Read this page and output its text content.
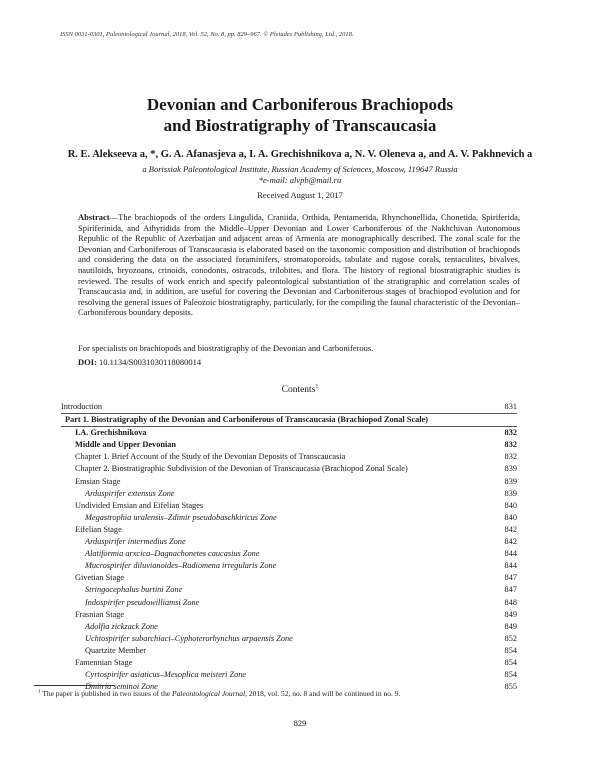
ISSN 0031-0301, Paleontological Journal, 2018, Vol. 52, No. 8, pp. 829–967. © Pleiades Publishing, Ltd., 2018.
Devonian and Carboniferous Brachiopods
and Biostratigraphy of Transcaucasia
R. E. Alekseeva a, *, G. A. Afanasjeva a, I. A. Grechishnikova a, N. V. Oleneva a, and A. V. Pakhnevich a
a Borissiak Paleontological Institute, Russian Academy of Sciences, Moscow, 119647 Russia
*e-mail: alvpb@mail.ru
Received August 1, 2017
Abstract—The brachiopods of the orders Lingulida, Craniida, Orthida, Pentamerida, Rhynchonellida, Chonetida, Spiriferida, Spiriferinida, and Athyridida from the Middle–Upper Devonian and Lower Carboniferous of the Nakhchivan Autonomous Republic of the Republic of Azerbaijan and adjacent areas of Armenia are monographically described. The zonal scale for the Devonian and Carboniferous of Transcaucasia is elaborated based on the taxonomic composition and distribution of brachiopods and considering the data on the associated foraminifers, stromatoporoids, tabulate and rugose corals, tentaculites, bivalves, nautiloids, bryozoans, crinoids, conodonts, ostracods, trilobites, and flora. The history of regional biostratigraphic studies is reviewed. The results of work enrich and specify paleontological substantiation of the stratigraphic and correlation scales of Transcaucasia and, in addition, are useful for covering the Devonian and Carboniferous stages of brachiopod evolution and for resolving the general issues of Paleozoic biostratigraphy, particularly, for the compiling the faunal characteristic of the Devonian–Carboniferous boundary deposits.
For specialists on brachiopods and biostratigraphy of the Devonian and Carboniferous.
DOI: 10.1134/S0031030118080014
Contents$^1$
Introduction	831
Part 1. Biostratigraphy of the Devonian and Carboniferous of Transcaucasia (Brachiopod Zonal Scale)
I.A. Grechishnikova	832
Middle and Upper Devonian	832
Chapter 1. Brief Account of the Study of the Devonian Deposits of Transcaucasia	832
Chapter 2. Biostratigraphic Subdivision of the Devonian of Transcaucasia (Brachiopod Zonal Scale)	839
Emsian Stage	839
Arduspirifer extensus Zone	839
Undivided Emsian and Eifelian Stages	840
Megastrophia uralensis–Zdimir pseudobaschkiricus Zone	840
Eifelian Stage	842
Arduspirifer intermedius Zone	842
Alatiformia arxcica–Dagnachonetes caucasius Zone	844
Mucrospirifer diluvianoides–Radiomena irregularis Zone	844
Givetian Stage	847
Stringocephalus burtini Zone	847
Indospirifer pseudowilliamsi Zone	848
Frasnian Stage	849
Adolfia zickzack Zone	849
Uchtospirifer subarchiaci–Cyphoterorhynchus arpaensis Zone	852
Quartzite Member	854
Famennian Stage	854
Cyrtospirifer asiaticus–Mesoplica meisteri Zone	854
Dmitria seminoi Zone	855
$^1$ The paper is published in two issues of the Paleontological Journal, 2018, vol. 52, no. 8 and will be continued in no. 9.
829
